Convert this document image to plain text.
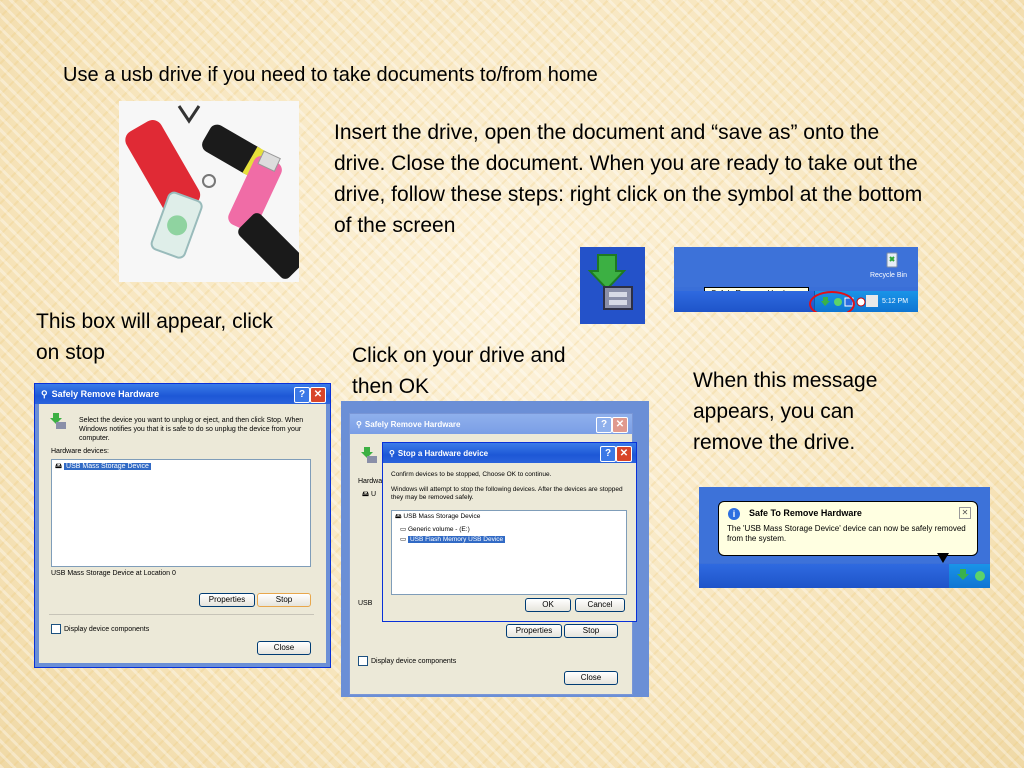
Use a usb drive if you need to take documents to/from home
Insert the drive, open the document and “save as” onto the drive. Close the document. When you are ready to take out the drive, follow these steps: right click on the symbol at the bottom of the screen
Recycle Bin
5:12 PM
This box will appear, click on stop	Click on your drive and then OK	When this message appears, you can remove the drive.
⚲ Safely Remove Hardware	? ✕
Select the device you want to unplug or eject, and then click Stop. When Windows notifies you that it is safe to do so unplug the device from your computer.
Hardware devices:
🖴 USB Mass Storage Device
USB Mass Storage Device at Location 0
Properties	Stop
Display device components
Close
⚲ Safely Remove Hardware	? ✕
Hardwa
🖴 U
USB
Properties	Stop
Display device components
Close
⚲ Stop a Hardware device	? ✕
Confirm devices to be stopped, Choose OK to continue.
Windows will attempt to stop the following devices. After the devices are stopped they may be removed safely.
🖴 USB Mass Storage Device
▭ Generic volume - (E:)
▭ USB Flash Memory USB Device
OK	Cancel
i	Safe To Remove Hardware	✕
The 'USB Mass Storage Device' device can now be safely removed from the system.
